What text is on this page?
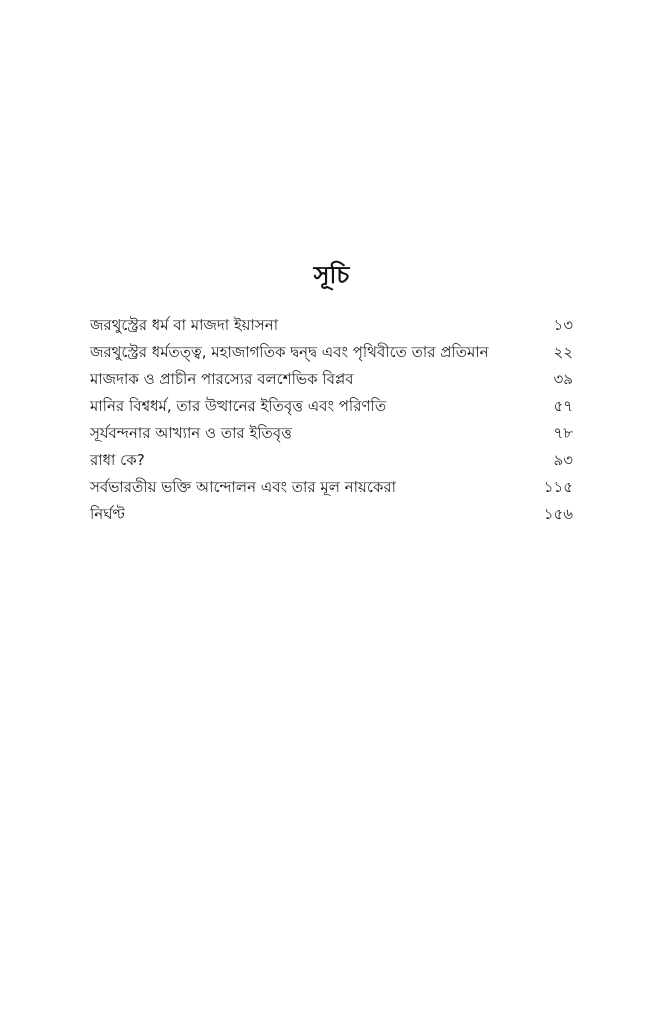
সূচি
জরথুস্ট্রের ধর্ম বা মাজদা ইয়াসনা	১৩
জরথুস্ট্রের ধর্মতত্ত্ব, মহাজাগতিক দ্বন্দ্ব এবং পৃথিবীতে তার প্রতিমান	২২
মাজদাক ও প্রাচীন পারস্যের বলশেভিক বিপ্লব	৩৯
মানির বিশ্বধর্ম, তার উত্থানের ইতিবৃত্ত এবং পরিণতি	৫৭
সূর্যবন্দনার আখ্যান ও তার ইতিবৃত্ত	৭৮
রাধা কে?	৯৩
সর্বভারতীয় ভক্তি আন্দোলন এবং তার মূল নায়কেরা	১১৫
নির্ঘণ্ট	১৫৬
